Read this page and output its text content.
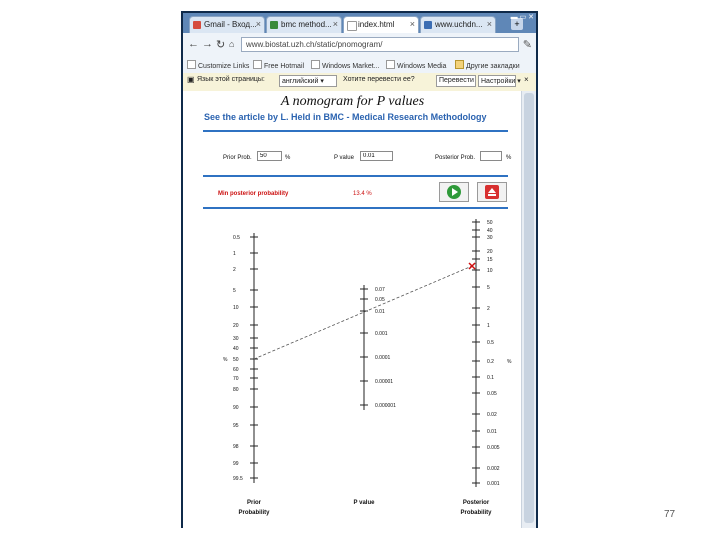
Gmail - Вход...
×	bmc method... ×	index.html ×	www.uchdn... ×	+
▬ ▭ ✕
← → ↻ ⌂	www.biostat.uzh.ch/static/pnomogram/	✎
Customize Links	Free Hotmail	Windows Market...	Windows Media	Другие закладки
▣ Язык этой страницы:	английский ▾	Хотите перевести ее?	Перевести	Настройки ▾ ×
A nomogram for P values
See the article by L. Held in BMC - Medical Research Methodology
Prior Prob.
50	%	P value
0.01	Posterior Prob.	%
Min posterior probability	13.4 %
0.5
1
2
5
10
20
30
40
50
60
70
80
90
95
98
99
99.5
0.07
0.05
0.01
0.001
0.0001
0.00001
0.000001
50
40
30
20
15
10
5
2
1
0.5
0.2
0.1
0.05
0.02
0.01
0.005
0.002
0.001
%	%
Prior
Probability
P value	Posterior
Probability	77
